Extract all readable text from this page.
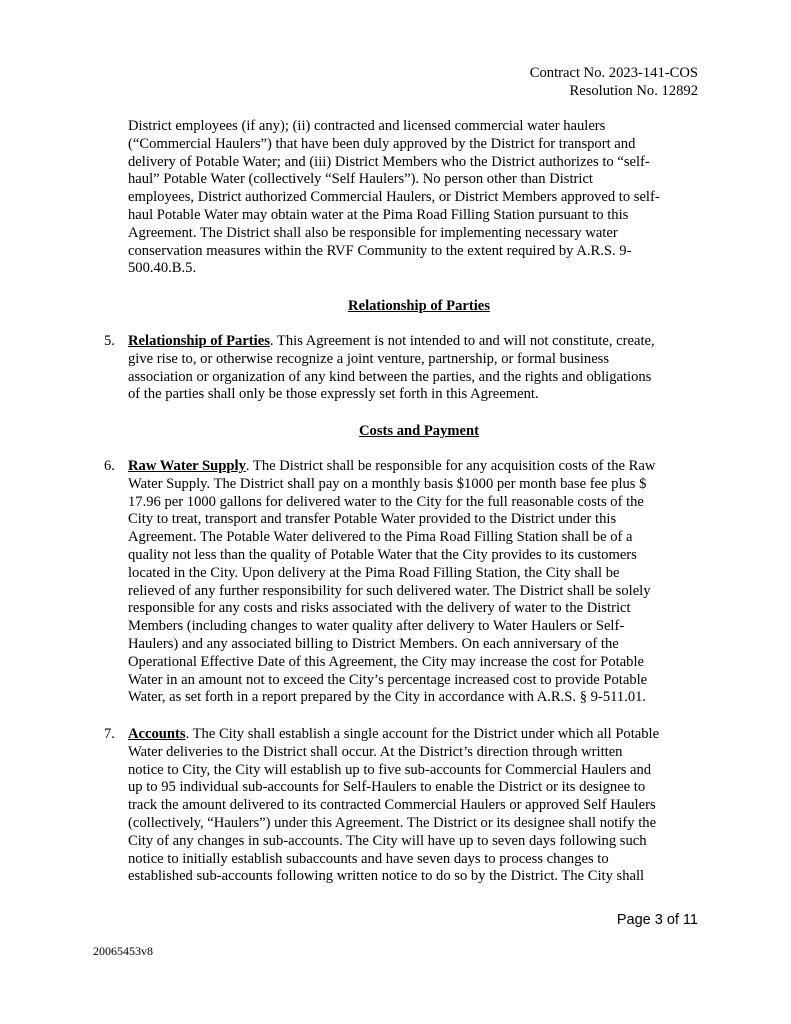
Contract No. 2023-141-COS
Resolution No. 12892
District employees (if any); (ii) contracted and licensed commercial water haulers
(“Commercial Haulers”) that have been duly approved by the District for transport and
delivery of Potable Water; and (iii) District Members who the District authorizes to “self-
haul” Potable Water (collectively “Self Haulers”). No person other than District
employees, District authorized Commercial Haulers, or District Members approved to self-
haul Potable Water may obtain water at the Pima Road Filling Station pursuant to this
Agreement. The District shall also be responsible for implementing necessary water
conservation measures within the RVF Community to the extent required by A.R.S. 9-
500.40.B.5.
Relationship of Parties
5. Relationship of Parties. This Agreement is not intended to and will not constitute, create,
give rise to, or otherwise recognize a joint venture, partnership, or formal business
association or organization of any kind between the parties, and the rights and obligations
of the parties shall only be those expressly set forth in this Agreement.
Costs and Payment
6. Raw Water Supply. The District shall be responsible for any acquisition costs of the Raw
Water Supply. The District shall pay on a monthly basis $1000 per month base fee plus $
17.96 per 1000 gallons for delivered water to the City for the full reasonable costs of the
City to treat, transport and transfer Potable Water provided to the District under this
Agreement. The Potable Water delivered to the Pima Road Filling Station shall be of a
quality not less than the quality of Potable Water that the City provides to its customers
located in the City. Upon delivery at the Pima Road Filling Station, the City shall be
relieved of any further responsibility for such delivered water. The District shall be solely
responsible for any costs and risks associated with the delivery of water to the District
Members (including changes to water quality after delivery to Water Haulers or Self-
Haulers) and any associated billing to District Members. On each anniversary of the
Operational Effective Date of this Agreement, the City may increase the cost for Potable
Water in an amount not to exceed the City’s percentage increased cost to provide Potable
Water, as set forth in a report prepared by the City in accordance with A.R.S. § 9-511.01.
7. Accounts. The City shall establish a single account for the District under which all Potable
Water deliveries to the District shall occur. At the District’s direction through written
notice to City, the City will establish up to five sub-accounts for Commercial Haulers and
up to 95 individual sub-accounts for Self-Haulers to enable the District or its designee to
track the amount delivered to its contracted Commercial Haulers or approved Self Haulers
(collectively, “Haulers”) under this Agreement. The District or its designee shall notify the
City of any changes in sub-accounts. The City will have up to seven days following such
notice to initially establish subaccounts and have seven days to process changes to
established sub-accounts following written notice to do so by the District. The City shall
Page 3 of 11
20065453v8
